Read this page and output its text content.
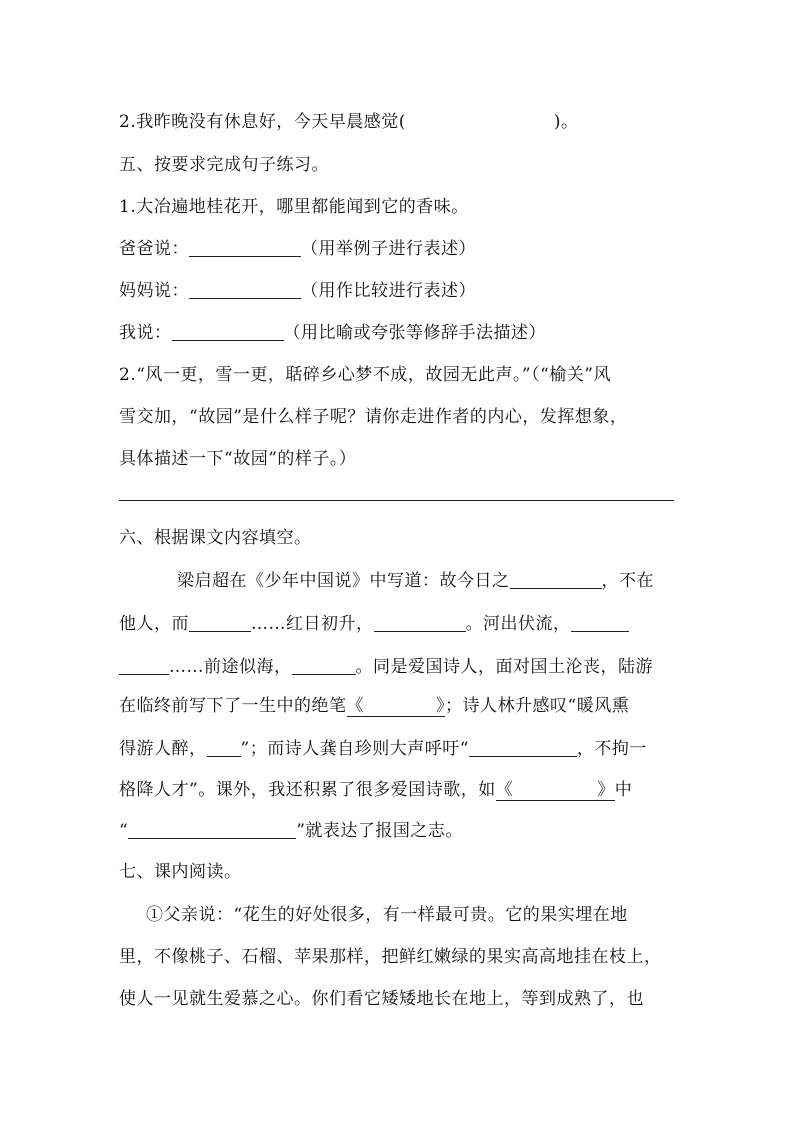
2.我昨晚没有休息好，今天早晨感觉(	)。
五、按要求完成句子练习。
1.大冶遍地桂花开，哪里都能闻到它的香味。
爸爸说：	（用举例子进行表述）
妈妈说：	（用作比较进行表述）
我说：	（用比喻或夸张等修辞手法描述）
2.“风一更，雪一更，聒碎乡心梦不成，故园无此声。”（“榆关”风
雪交加，“故园”是什么样子呢？请你走进作者的内心，发挥想象，
具体描述一下“故园”的样子。）
六、根据课文内容填空。
梁启超在《少年中国说》中写道：故今日之	，不在
他人，而	……红日初升，	。河出伏流，
……前途似海，	。同是爱国诗人，面对国土沦丧，陆游
在临终前写下了一生中的绝笔《	》；诗人林升感叹“暖风熏
得游人醉， ”；而诗人龚自珍则大声呼吁“	，不拘一
格降人才”。课外，我还积累了很多爱国诗歌，如《	》中
“	”就表达了报国之志。
七、课内阅读。
①父亲说：“花生的好处很多，有一样最可贵。它的果实埋在地
里，不像桃子、石榴、苹果那样，把鲜红嫩绿的果实高高地挂在枝上，
使人一见就生爱慕之心。你们看它矮矮地长在地上，等到成熟了，也
